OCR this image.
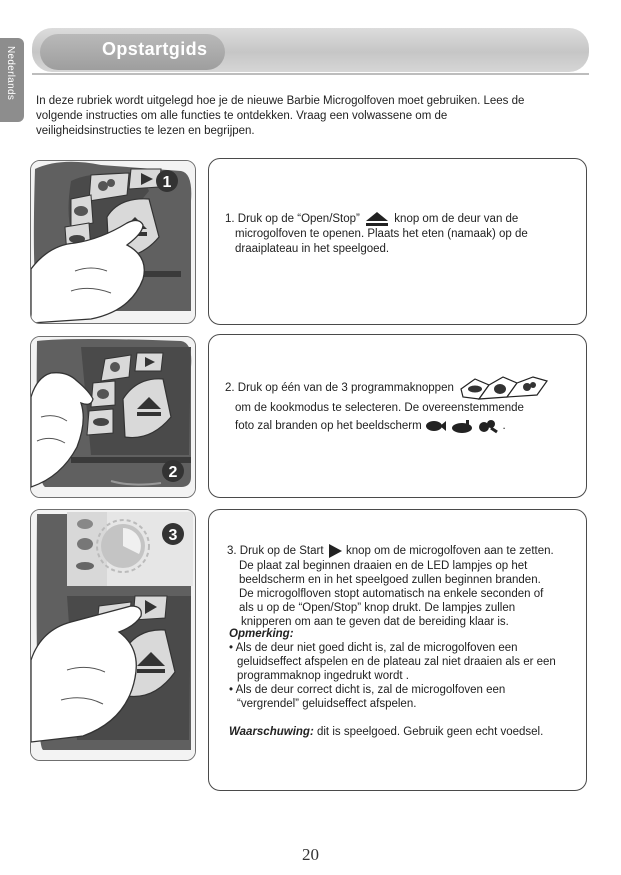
Nederlands	Opstartgids
In deze rubriek wordt uitgelegd hoe je de nieuwe Barbie Microgolfoven moet gebruiken. Lees de
volgende instructies om alle functies te ontdekken. Vraag een volwassene om de
veiligheidsinstructies te lezen en begrijpen.
1
1. Druk op de “Open/Stop”	knop om de deur van de
microgolfoven te openen. Plaats het eten (namaak) op de
draaiplateau in het speelgoed.
2
2. Druk op één van de 3 programmaknoppen
om de kookmodus te selecteren. De overeenstemmende
foto zal branden op het beeldscherm	.
3
3. Druk op de Start knop om de microgolfoven aan te zetten.
De plaat zal beginnen draaien en de LED lampjes op het
beeldscherm en in het speelgoed zullen beginnen branden.
De microgolfloven stopt automatisch na enkele seconden of
als u op de “Open/Stop” knop drukt. De lampjes zullen
knipperen om aan te geven dat de bereiding klaar is.
Opmerking:
• Als de deur niet goed dicht is, zal de microgolfoven een
geluidseffect afspelen en de plateau zal niet draaien als er een
programmaknop ingedrukt wordt .
• Als de deur correct dicht is, zal de microgolfoven een
“vergrendel” geluidseffect afspelen.
Waarschuwing: dit is speelgoed. Gebruik geen echt voedsel.
20
